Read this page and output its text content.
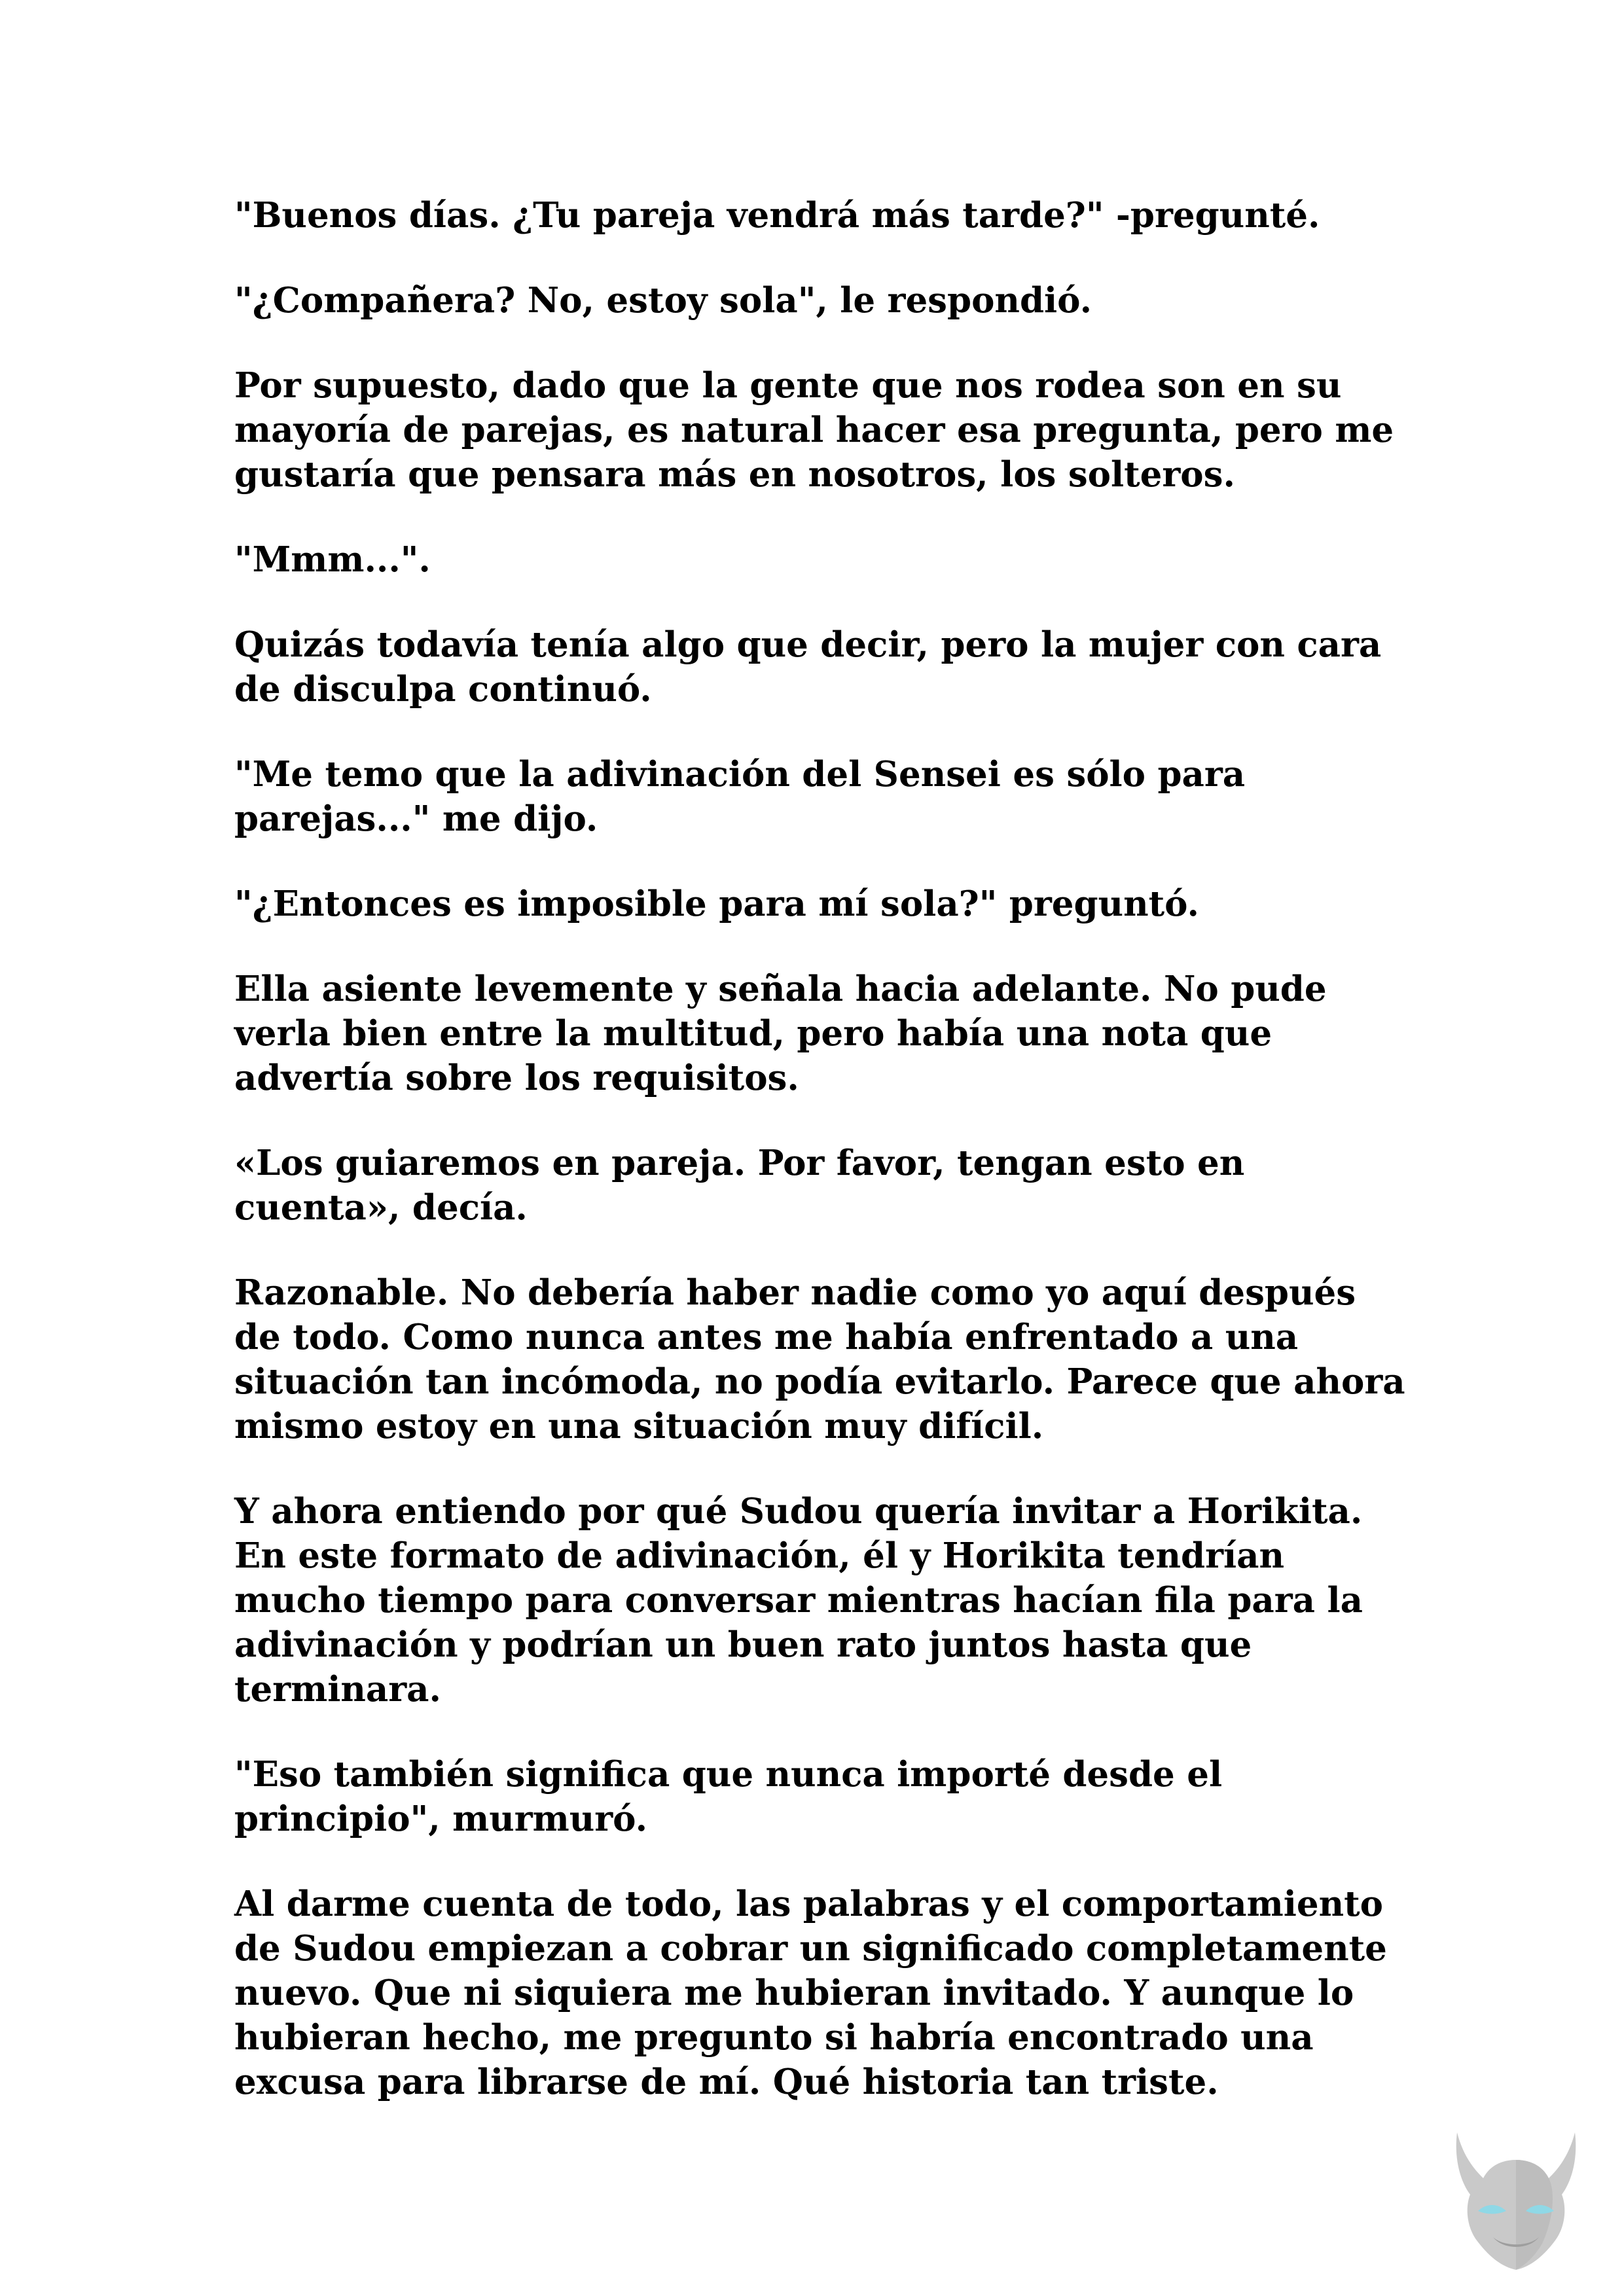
"Buenos días. ¿Tu pareja vendrá más tarde?" -pregunté.

"¿Compañera? No, estoy sola", le respondió.

Por supuesto, dado que la gente que nos rodea son en su mayoría de parejas, es natural hacer esa pregunta, pero me gustaría que pensara más en nosotros, los solteros.

"Mmm...".

Quizás todavía tenía algo que decir, pero la mujer con cara de disculpa continuó.

"Me temo que la adivinación del Sensei es sólo para parejas..." me dijo.

"¿Entonces es imposible para mí sola?" preguntó.

Ella asiente levemente y señala hacia adelante. No pude verla bien entre la multitud, pero había una nota que advertía sobre los requisitos.

«Los guiaremos en pareja. Por favor, tengan esto en cuenta», decía.

Razonable. No debería haber nadie como yo aquí después de todo. Como nunca antes me había enfrentado a una situación tan incómoda, no podía evitarlo. Parece que ahora mismo estoy en una situación muy difícil.

Y ahora entiendo por qué Sudou quería invitar a Horikita. En este formato de adivinación, él y Horikita tendrían mucho tiempo para conversar mientras hacían fila para la adivinación y podrían un buen rato juntos hasta que terminara.

"Eso también significa que nunca importé desde el principio", murmuró.

Al darme cuenta de todo, las palabras y el comportamiento de Sudou empiezan a cobrar un significado completamente nuevo. Que ni siquiera me hubieran invitado. Y aunque lo hubieran hecho, me pregunto si habría encontrado una excusa para librarse de mí. Qué historia tan triste.
